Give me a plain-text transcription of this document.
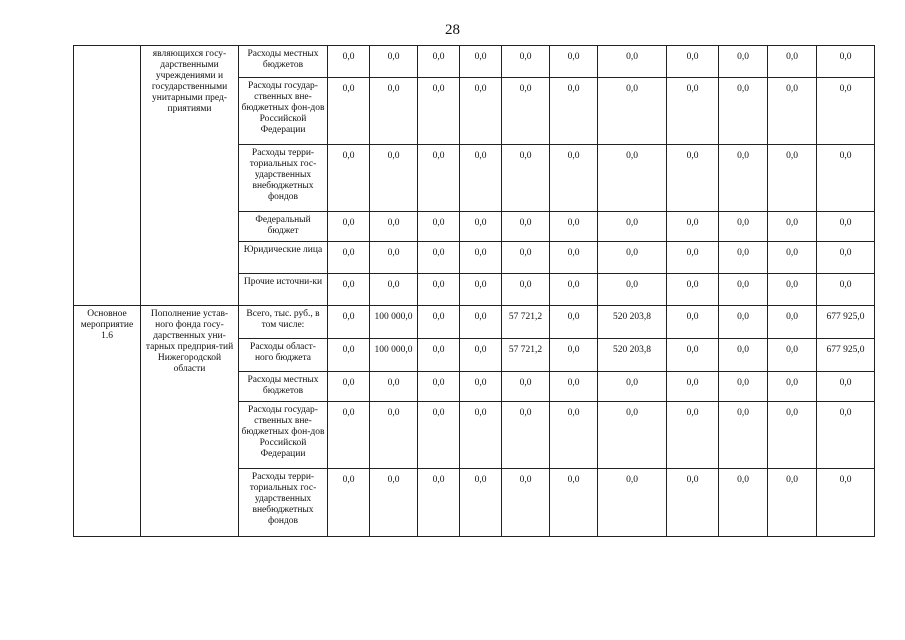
28
	являющихся госу-дарственными учреждениями и государственными унитарными пред-приятиями	Расходы местных бюджетов	0,0	0,0	0,0	0,0	0,0	0,0	0,0	0,0	0,0	0,0	0,0
		Расходы государ-ственных вне-бюджетных фон-дов Российской Федерации	0,0	0,0	0,0	0,0	0,0	0,0	0,0	0,0	0,0	0,0	0,0
		Расходы терри-ториальных гос-ударственных внебюджетных фондов	0,0	0,0	0,0	0,0	0,0	0,0	0,0	0,0	0,0	0,0	0,0
		Федеральный бюджет	0,0	0,0	0,0	0,0	0,0	0,0	0,0	0,0	0,0	0,0	0,0
		Юридические лица	0,0	0,0	0,0	0,0	0,0	0,0	0,0	0,0	0,0	0,0	0,0
		Прочие источни-ки	0,0	0,0	0,0	0,0	0,0	0,0	0,0	0,0	0,0	0,0	0,0
Основное мероприятие 1.6	Пополнение устав-ного фонда госу-дарственных уни-тарных предприя-тий Нижегородской области	Всего, тыс. руб., в том числе:	0,0	100 000,0	0,0	0,0	57 721,2	0,0	520 203,8	0,0	0,0	0,0	677 925,0
		Расходы област-ного бюджета	0,0	100 000,0	0,0	0,0	57 721,2	0,0	520 203,8	0,0	0,0	0,0	677 925,0
		Расходы местных бюджетов	0,0	0,0	0,0	0,0	0,0	0,0	0,0	0,0	0,0	0,0	0,0
		Расходы государ-ственных вне-бюджетных фон-дов Российской Федерации	0,0	0,0	0,0	0,0	0,0	0,0	0,0	0,0	0,0	0,0	0,0
		Расходы терри-ториальных гос-ударственных внебюджетных фондов	0,0	0,0	0,0	0,0	0,0	0,0	0,0	0,0	0,0	0,0	0,0
